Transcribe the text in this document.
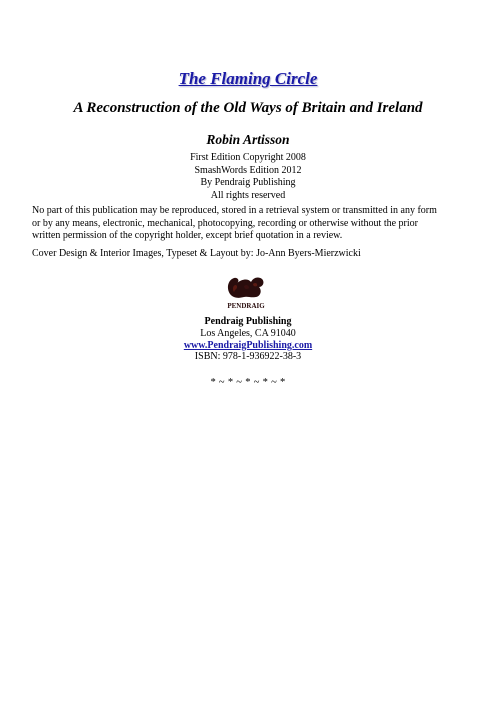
The Flaming Circle
A Reconstruction of the Old Ways of Britain and Ireland
Robin Artisson
First Edition Copyright 2008
SmashWords Edition 2012
By Pendraig Publishing
All rights reserved
No part of this publication may be reproduced, stored in a retrieval system or transmitted in any form
or by any means, electronic, mechanical, photocopying, recording or otherwise without the prior
written permission of the copyright holder, except brief quotation in a review.
Cover Design & Interior Images, Typeset & Layout by: Jo-Ann Byers-Mierzwicki
PENDRAIG
Pendraig Publishing
Los Angeles, CA 91040
www.PendraigPublishing.com
ISBN: 978-1-936922-38-3
* ~ * ~ * ~ * ~ *
